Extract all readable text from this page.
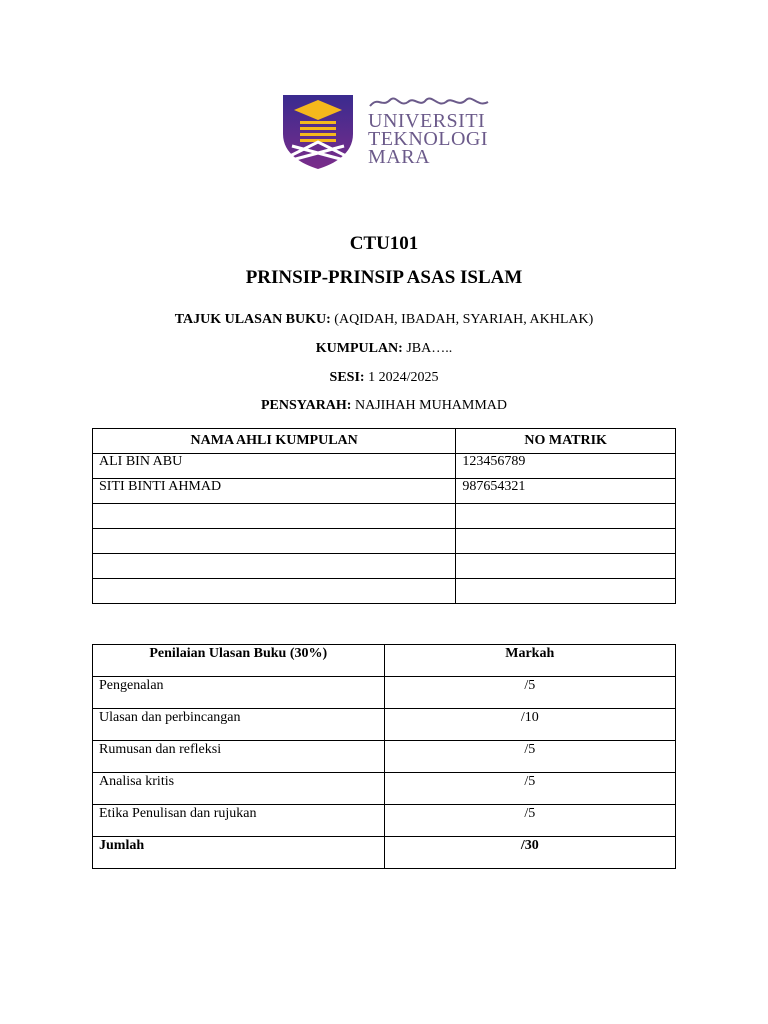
UNIVERSITI
TEKNOLOGI
MARA
CTU101
PRINSIP-PRINSIP ASAS ISLAM
TAJUK ULASAN BUKU: (AQIDAH, IBADAH, SYARIAH, AKHLAK)
KUMPULAN: JBA…..
SESI: 1 2024/2025
PENSYARAH: NAJIHAH MUHAMMAD
NAMA AHLI KUMPULAN	NO MATRIK
ALI BIN ABU	123456789
SITI BINTI AHMAD	987654321

Penilaian Ulasan Buku (30%)	Markah
Pengenalan	/5
Ulasan dan perbincangan	/10
Rumusan dan refleksi	/5
Analisa kritis	/5
Etika Penulisan dan rujukan	/5
Jumlah	/30
